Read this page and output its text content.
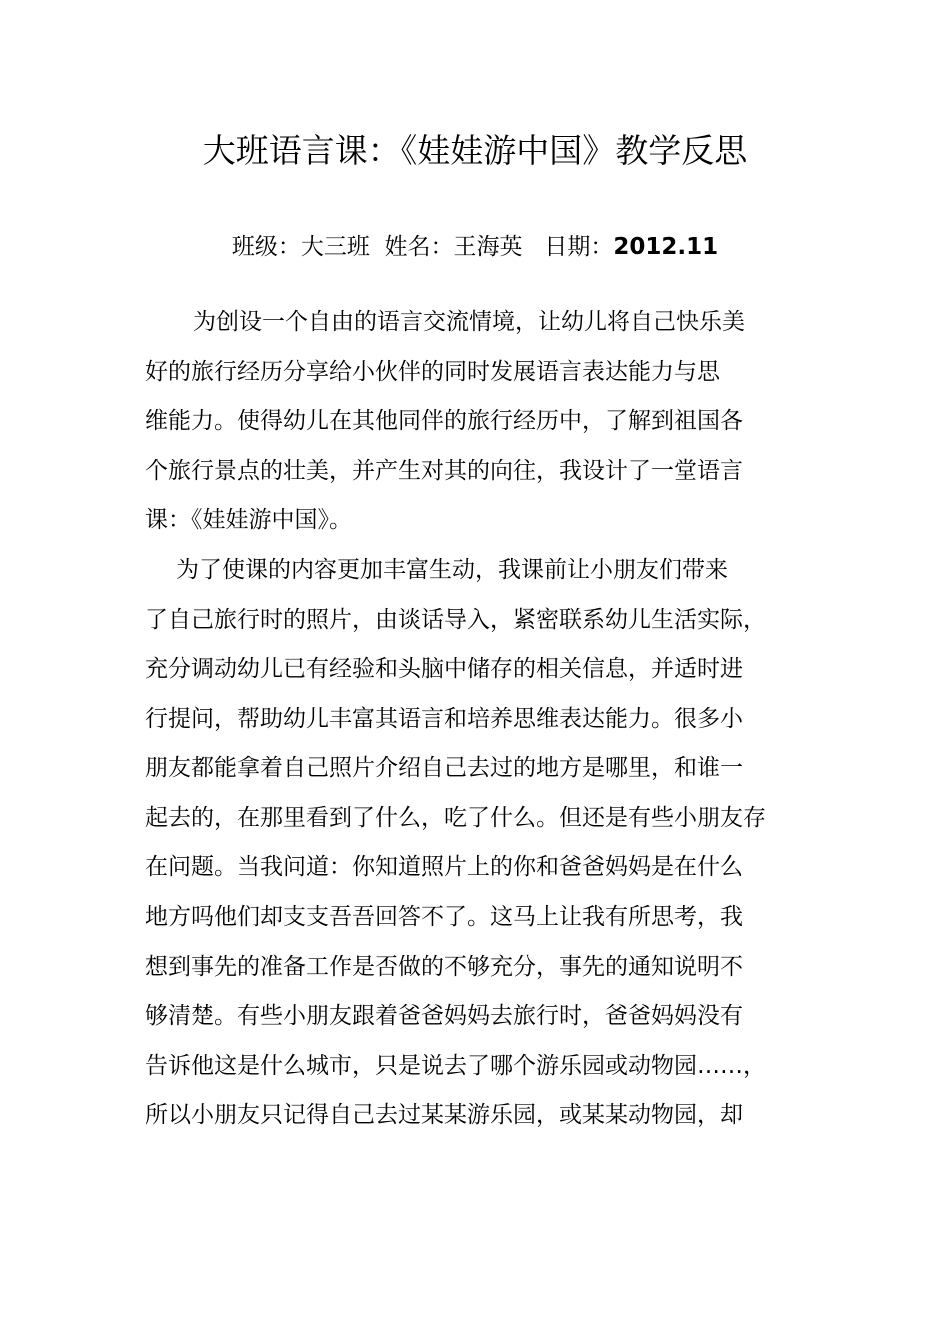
大班语言课：《娃娃游中国》教学反思
班级：大三班 姓名：王海英 日期：2012.11
为创设一个自由的语言交流情境，让幼儿将自己快乐美
好的旅行经历分享给小伙伴的同时发展语言表达能力与思
维能力。使得幼儿在其他同伴的旅行经历中，了解到祖国各
个旅行景点的壮美，并产生对其的向往，我设计了一堂语言
课：《娃娃游中国》。
为了使课的内容更加丰富生动，我课前让小朋友们带来
了自己旅行时的照片，由谈话导入，紧密联系幼儿生活实际，
充分调动幼儿已有经验和头脑中储存的相关信息，并适时进
行提问，帮助幼儿丰富其语言和培养思维表达能力。很多小
朋友都能拿着自己照片介绍自己去过的地方是哪里，和谁一
起去的，在那里看到了什么，吃了什么。但还是有些小朋友存
在问题。当我问道：你知道照片上的你和爸爸妈妈是在什么
地方吗他们却支支吾吾回答不了。这马上让我有所思考，我
想到事先的准备工作是否做的不够充分，事先的通知说明不
够清楚。有些小朋友跟着爸爸妈妈去旅行时，爸爸妈妈没有
告诉他这是什么城市，只是说去了哪个游乐园或动物园……，
所以小朋友只记得自己去过某某游乐园，或某某动物园，却
